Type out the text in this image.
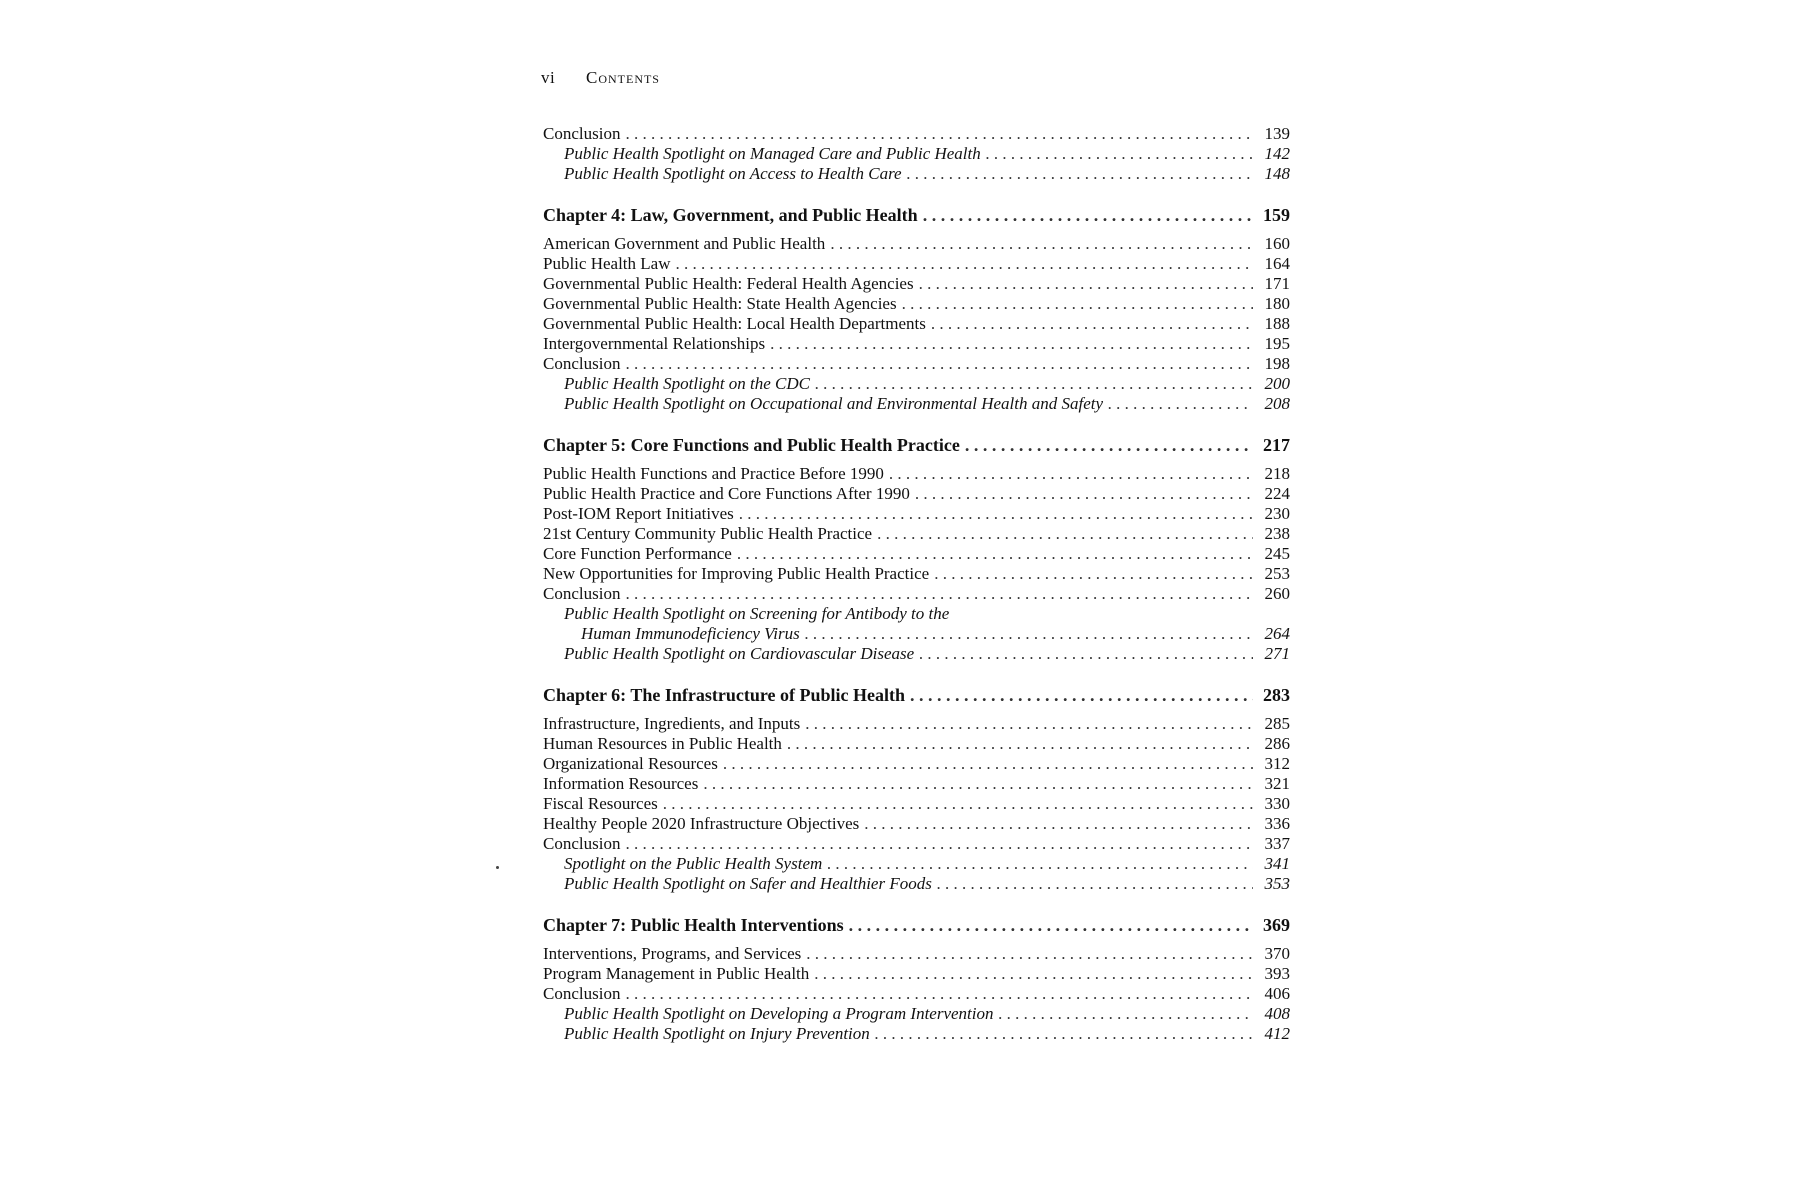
vi Contents
Conclusion . . .	139
Public Health Spotlight on Managed Care and Public Health . . .	142
Public Health Spotlight on Access to Health Care . . .	148
Chapter 4: Law, Government, and Public Health . . .	159
American Government and Public Health . . .	160
Public Health Law . . .	164
Governmental Public Health: Federal Health Agencies . . .	171
Governmental Public Health: State Health Agencies . . .	180
Governmental Public Health: Local Health Departments . . .	188
Intergovernmental Relationships . . .	195
Conclusion . . .	198
Public Health Spotlight on the CDC . . .	200
Public Health Spotlight on Occupational and Environmental Health and Safety . . .	208
Chapter 5: Core Functions and Public Health Practice . . .	217
Public Health Functions and Practice Before 1990 . . .	218
Public Health Practice and Core Functions After 1990 . . .	224
Post-IOM Report Initiatives . . .	230
21st Century Community Public Health Practice . . .	238
Core Function Performance . . .	245
New Opportunities for Improving Public Health Practice . . .	253
Conclusion . . .	260
Public Health Spotlight on Screening for Antibody to the
Human Immunodeficiency Virus . . .	264
Public Health Spotlight on Cardiovascular Disease . . .	271
Chapter 6: The Infrastructure of Public Health . . .	283
Infrastructure, Ingredients, and Inputs . . .	285
Human Resources in Public Health . . .	286
Organizational Resources . . .	312
Information Resources . . .	321
Fiscal Resources . . .	330
Healthy People 2020 Infrastructure Objectives . . .	336
Conclusion . . .	337
Spotlight on the Public Health System . . .	341
Public Health Spotlight on Safer and Healthier Foods . . .	353
Chapter 7: Public Health Interventions . . .	369
Interventions, Programs, and Services . . .	370
Program Management in Public Health . . .	393
Conclusion . . .	406
Public Health Spotlight on Developing a Program Intervention . . .	408
Public Health Spotlight on Injury Prevention . . .	412
